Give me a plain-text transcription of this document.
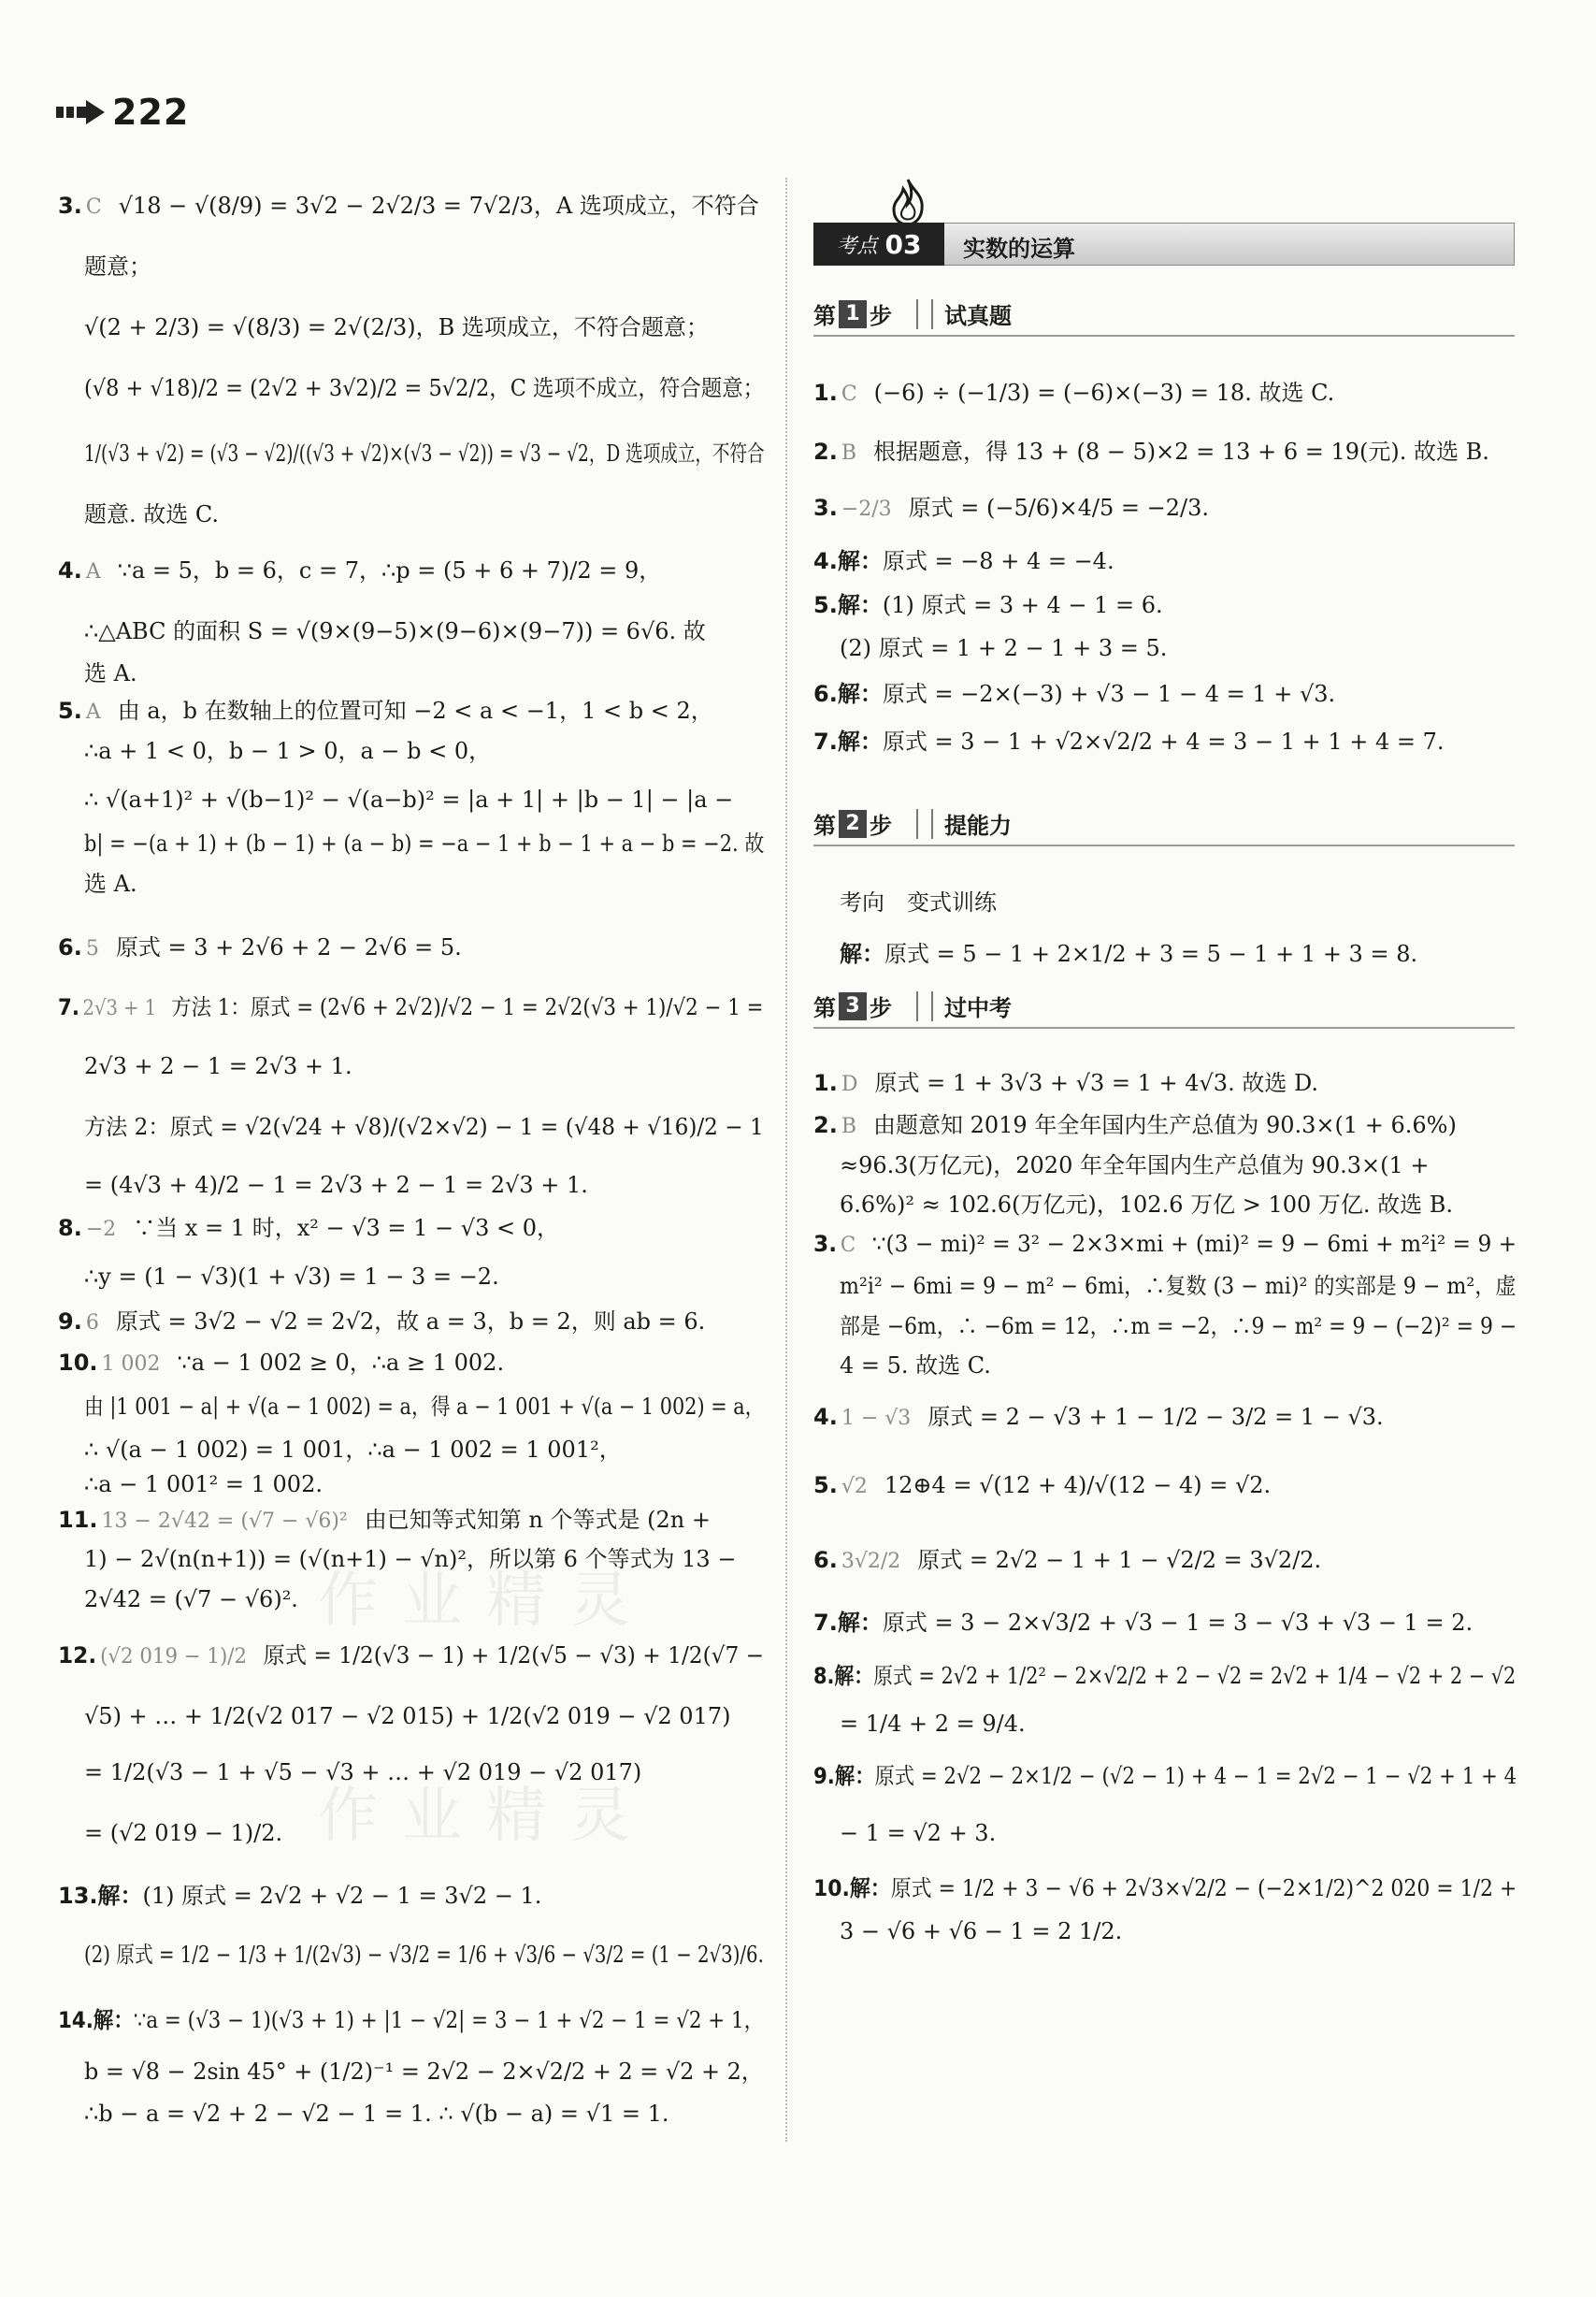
222
作业精灵
作业精灵
3. C √18 − √(8/9) = 3√2 − 2√2/3 = 7√2/3，A 选项成立，不符合
题意；
√(2 + 2/3) = √(8/3) = 2√(2/3)，B 选项成立，不符合题意；
(√8 + √18)/2 = (2√2 + 3√2)/2 = 5√2/2，C 选项不成立，符合题意；
1/(√3 + √2) = (√3 − √2)/((√3 + √2)×(√3 − √2)) = √3 − √2，D 选项成立，不符合
题意. 故选 C.
4. A ∵a = 5，b = 6，c = 7，∴p = (5 + 6 + 7)/2 = 9，
∴△ABC 的面积 S = √(9×(9−5)×(9−6)×(9−7)) = 6√6. 故
选 A.
5. A 由 a，b 在数轴上的位置可知 −2 < a < −1，1 < b < 2，
∴a + 1 < 0，b − 1 > 0，a − b < 0，
∴ √(a+1)² + √(b−1)² − √(a−b)² = |a + 1| + |b − 1| − |a −
b| = −(a + 1) + (b − 1) + (a − b) = −a − 1 + b − 1 + a − b = −2. 故
选 A.
6. 5 原式 = 3 + 2√6 + 2 − 2√6 = 5.
7. 2√3 + 1 方法 1：原式 = (2√6 + 2√2)/√2 − 1 = 2√2(√3 + 1)/√2 − 1 =
2√3 + 2 − 1 = 2√3 + 1.
方法 2：原式 = √2(√24 + √8)/(√2×√2) − 1 = (√48 + √16)/2 − 1
= (4√3 + 4)/2 − 1 = 2√3 + 2 − 1 = 2√3 + 1.
8. −2 ∵当 x = 1 时，x² − √3 = 1 − √3 < 0，
∴y = (1 − √3)(1 + √3) = 1 − 3 = −2.
9. 6 原式 = 3√2 − √2 = 2√2，故 a = 3，b = 2，则 ab = 6.
10. 1 002 ∵a − 1 002 ≥ 0，∴a ≥ 1 002.
由 |1 001 − a| + √(a − 1 002) = a，得 a − 1 001 + √(a − 1 002) = a，
∴ √(a − 1 002) = 1 001，∴a − 1 002 = 1 001²，
∴a − 1 001² = 1 002.
11. 13 − 2√42 = (√7 − √6)² 由已知等式知第 n 个等式是 (2n +
1) − 2√(n(n+1)) = (√(n+1) − √n)²，所以第 6 个等式为 13 −
2√42 = (√7 − √6)².
12. (√2 019 − 1)/2 原式 = 1/2(√3 − 1) + 1/2(√5 − √3) + 1/2(√7 −
√5) + … + 1/2(√2 017 − √2 015) + 1/2(√2 019 − √2 017)
= 1/2(√3 − 1 + √5 − √3 + … + √2 019 − √2 017)
= (√2 019 − 1)/2.
13.解：(1) 原式 = 2√2 + √2 − 1 = 3√2 − 1.
(2) 原式 = 1/2 − 1/3 + 1/(2√3) − √3/2 = 1/6 + √3/6 − √3/2 = (1 − 2√3)/6.
14.解：∵a = (√3 − 1)(√3 + 1) + |1 − √2| = 3 − 1 + √2 − 1 = √2 + 1，
b = √8 − 2sin 45° + (1/2)⁻¹ = 2√2 − 2×√2/2 + 2 = √2 + 2，
∴b − a = √2 + 2 − √2 − 1 = 1. ∴ √(b − a) = √1 = 1.
考点 03 实数的运算
第 1 步 试真题
第 2 步 提能力
第 3 步 过中考
1. C (−6) ÷ (−1/3) = (−6)×(−3) = 18. 故选 C.
2. B 根据题意，得 13 + (8 − 5)×2 = 13 + 6 = 19(元). 故选 B.
3. −2/3 原式 = (−5/6)×4/5 = −2/3.
4.解：原式 = −8 + 4 = −4.
5.解：(1) 原式 = 3 + 4 − 1 = 6.
(2) 原式 = 1 + 2 − 1 + 3 = 5.
6.解：原式 = −2×(−3) + √3 − 1 − 4 = 1 + √3.
7.解：原式 = 3 − 1 + √2×√2/2 + 4 = 3 − 1 + 1 + 4 = 7.
考向　变式训练
解：原式 = 5 − 1 + 2×1/2 + 3 = 5 − 1 + 1 + 3 = 8.
1. D 原式 = 1 + 3√3 + √3 = 1 + 4√3. 故选 D.
2. B 由题意知 2019 年全年国内生产总值为 90.3×(1 + 6.6%)
≈96.3(万亿元)，2020 年全年国内生产总值为 90.3×(1 +
6.6%)² ≈ 102.6(万亿元)，102.6 万亿 > 100 万亿. 故选 B.
3. C ∵(3 − mi)² = 3² − 2×3×mi + (mi)² = 9 − 6mi + m²i² = 9 +
m²i² − 6mi = 9 − m² − 6mi，∴复数 (3 − mi)² 的实部是 9 − m²，虚
部是 −6m，∴ −6m = 12，∴m = −2，∴9 − m² = 9 − (−2)² = 9 −
4 = 5. 故选 C.
4. 1 − √3 原式 = 2 − √3 + 1 − 1/2 − 3/2 = 1 − √3.
5. √2 12⊕4 = √(12 + 4)/√(12 − 4) = √2.
6. 3√2/2 原式 = 2√2 − 1 + 1 − √2/2 = 3√2/2.
7.解：原式 = 3 − 2×√3/2 + √3 − 1 = 3 − √3 + √3 − 1 = 2.
8.解：原式 = 2√2 + 1/2² − 2×√2/2 + 2 − √2 = 2√2 + 1/4 − √2 + 2 − √2
= 1/4 + 2 = 9/4.
9.解：原式 = 2√2 − 2×1/2 − (√2 − 1) + 4 − 1 = 2√2 − 1 − √2 + 1 + 4
− 1 = √2 + 3.
10.解：原式 = 1/2 + 3 − √6 + 2√3×√2/2 − (−2×1/2)^2 020 = 1/2 +
3 − √6 + √6 − 1 = 2 1/2.
